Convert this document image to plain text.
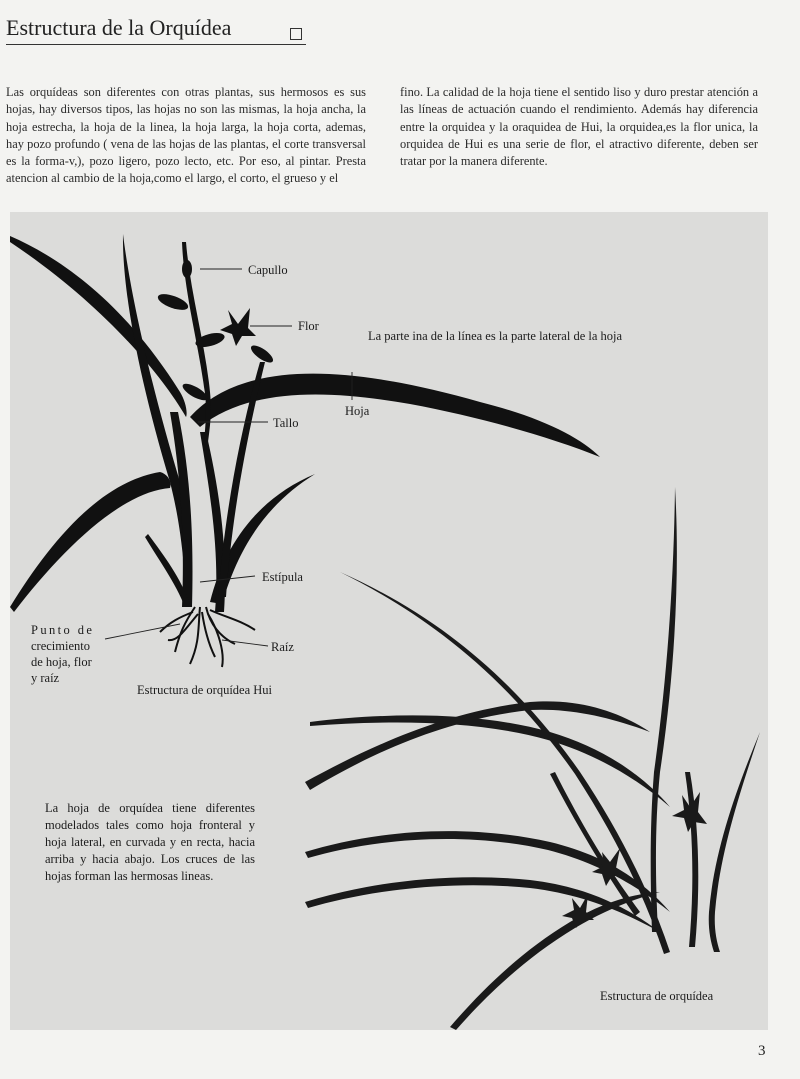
Estructura de la Orquídea
Las orquídeas son diferentes con otras plantas, sus hermosos es sus hojas, hay diversos tipos, las hojas no son las mismas, la hoja ancha, la hoja estrecha, la hoja de la linea, la hoja larga, la hoja corta, ademas, hay pozo profundo ( vena de las hojas de las plantas, el corte transversal es la forma-v,), pozo ligero, pozo lecto, etc. Por eso, al pintar. Presta atencion al cambio de la hoja,como el largo, el corto, el grueso y el
fino. La calidad de la hoja tiene el sentido liso y duro prestar atención a las líneas de actuación cuando el rendimiento. Además hay diferencia entre la orquidea y la oraquidea de Hui, la orquidea,es la flor unica, la orquidea de Hui es una serie de flor, el atractivo diferente, deben ser tratar por la manera diferente.
Capullo
Flor
Hoja
Tallo
Estípula
Raíz
Punto de
crecimiento
de hoja, flor
y raíz
La parte ina de la línea es la parte lateral de la hoja
Estructura de orquídea Hui
Estructura de orquídea
La hoja de orquídea tiene diferentes modelados tales como hoja fronteral y hoja lateral, en curvada y en recta, hacia arriba y hacia abajo. Los cruces de las hojas forman las hermosas lineas.
3
